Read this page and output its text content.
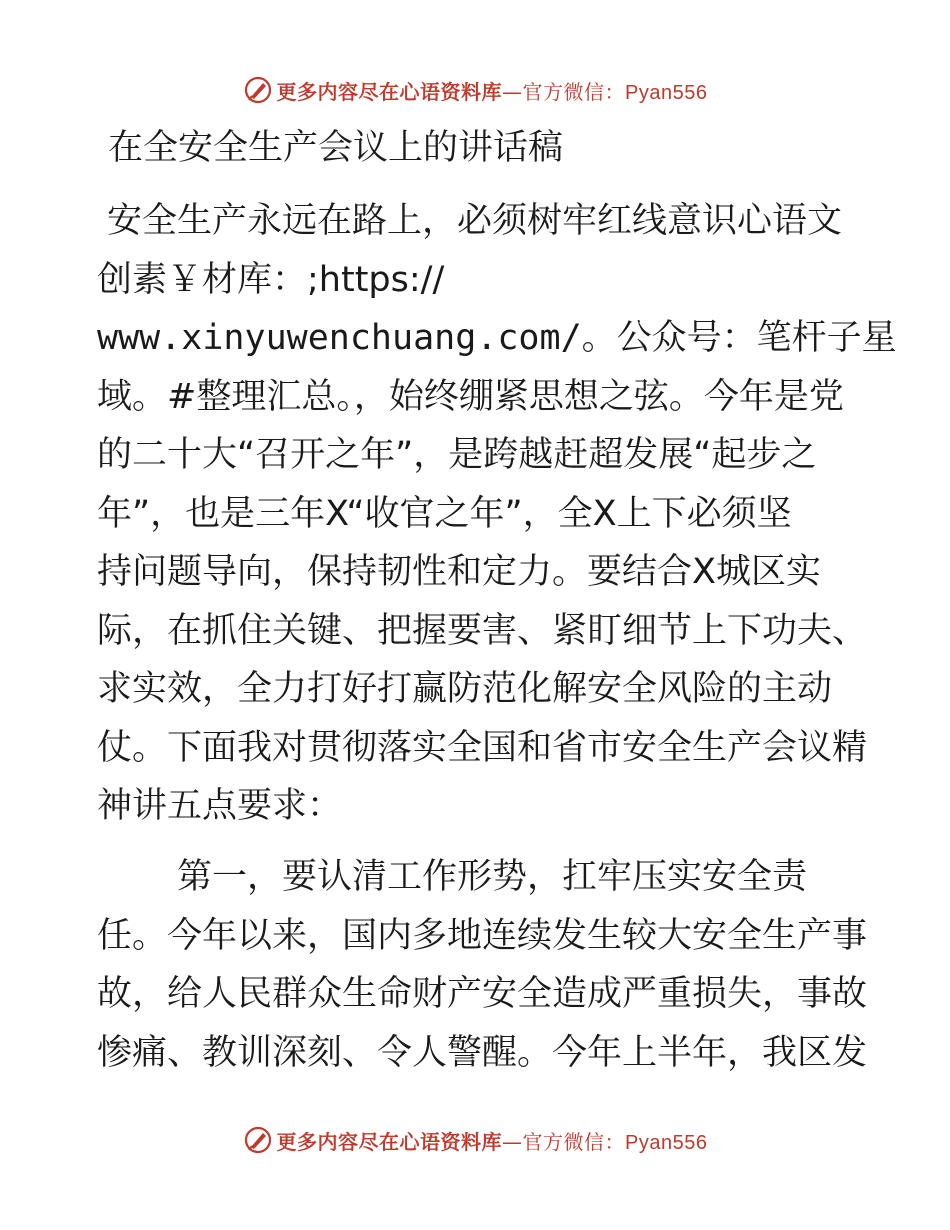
更多内容尽在心语资料库—官方微信：Pyan556
在全安全生产会议上的讲话稿
安全生产永远在路上，必须树牢红线意识心语文
创素￥材库：;https://
www.xinyuwenchuang.com/。公众号：笔杆子星
域。#整理汇总。，始终绷紧思想之弦。今年是党
的二十大“召开之年”，是跨越赶超发展“起步之
年”，也是三年X“收官之年”，全X上下必须坚
持问题导向，保持韧性和定力。要结合X城区实
际，在抓住关键、把握要害、紧盯细节上下功夫、
求实效，全力打好打赢防范化解安全风险的主动
仗。下面我对贯彻落实全国和省市安全生产会议精
神讲五点要求：
第一，要认清工作形势，扛牢压实安全责
任。今年以来，国内多地连续发生较大安全生产事
故，给人民群众生命财产安全造成严重损失，事故
惨痛、教训深刻、令人警醒。今年上半年，我区发
更多内容尽在心语资料库—官方微信：Pyan556
